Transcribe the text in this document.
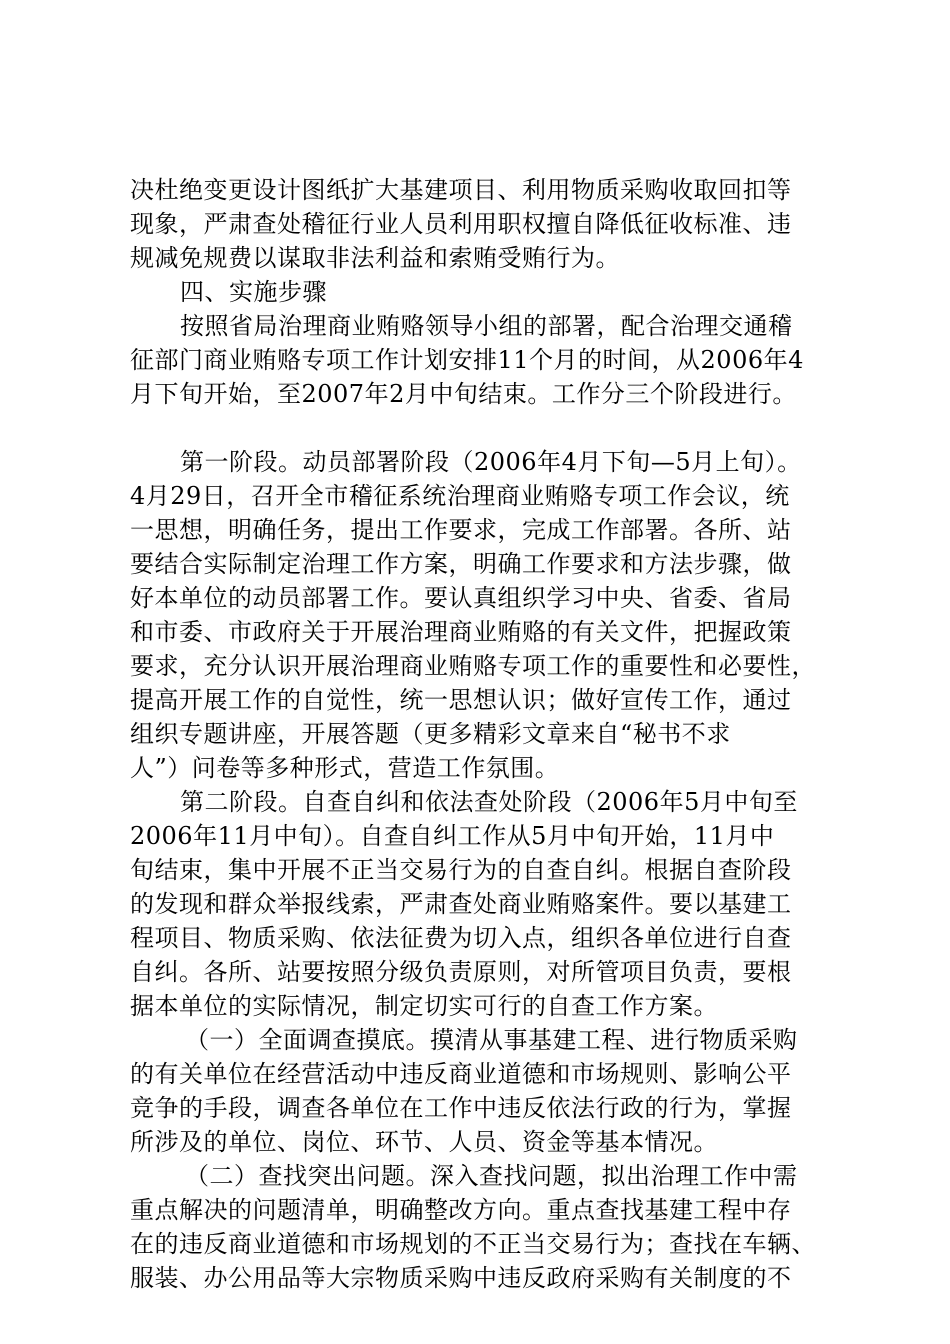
决杜绝变更设计图纸扩大基建项目、利用物质采购收取回扣等
现象，严肃查处稽征行业人员利用职权擅自降低征收标准、违
规减免规费以谋取非法利益和索贿受贿行为。
四、实施步骤
按照省局治理商业贿赂领导小组的部署，配合治理交通稽
征部门商业贿赂专项工作计划安排11个月的时间，从2006年4
月下旬开始，至2007年2月中旬结束。工作分三个阶段进行。
第一阶段。动员部署阶段（2006年4月下旬—5月上旬）。
4月29日，召开全市稽征系统治理商业贿赂专项工作会议，统
一思想，明确任务，提出工作要求，完成工作部署。各所、站
要结合实际制定治理工作方案，明确工作要求和方法步骤，做
好本单位的动员部署工作。要认真组织学习中央、省委、省局
和市委、市政府关于开展治理商业贿赂的有关文件，把握政策
要求，充分认识开展治理商业贿赂专项工作的重要性和必要性，
提高开展工作的自觉性，统一思想认识；做好宣传工作，通过
组织专题讲座，开展答题（更多精彩文章来自“秘书不求
人”）问卷等多种形式，营造工作氛围。
第二阶段。自查自纠和依法查处阶段（2006年5月中旬至
2006年11月中旬）。自查自纠工作从5月中旬开始，11月中
旬结束，集中开展不正当交易行为的自查自纠。根据自查阶段
的发现和群众举报线索，严肃查处商业贿赂案件。要以基建工
程项目、物质采购、依法征费为切入点，组织各单位进行自查
自纠。各所、站要按照分级负责原则，对所管项目负责，要根
据本单位的实际情况，制定切实可行的自查工作方案。
（一）全面调查摸底。摸清从事基建工程、进行物质采购
的有关单位在经营活动中违反商业道德和市场规则、影响公平
竞争的手段，调查各单位在工作中违反依法行政的行为，掌握
所涉及的单位、岗位、环节、人员、资金等基本情况。
（二）查找突出问题。深入查找问题，拟出治理工作中需
重点解决的问题清单，明确整改方向。重点查找基建工程中存
在的违反商业道德和市场规划的不正当交易行为；查找在车辆、
服装、办公用品等大宗物质采购中违反政府采购有关制度的不
